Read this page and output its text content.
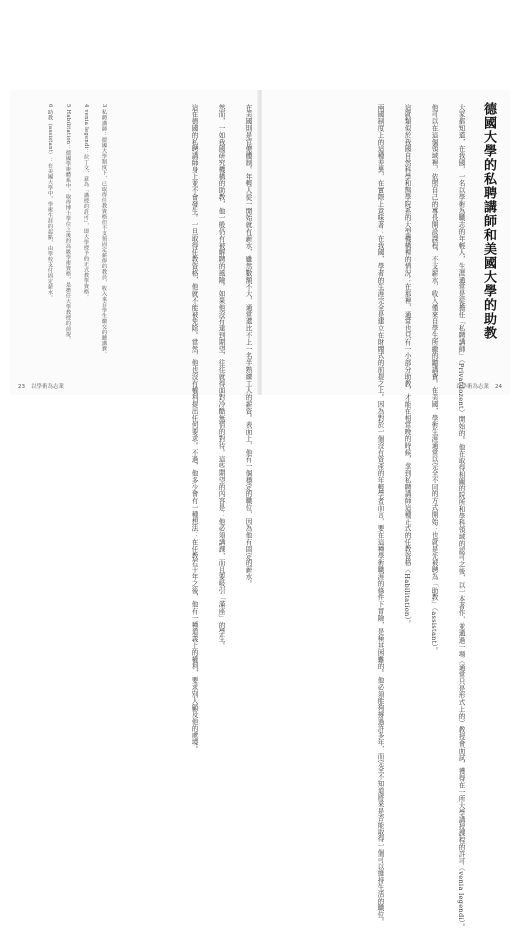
在美國則是官僚體制。年輕人從一開始就有薪水，雖然數額不大，通常還比不上一名半熟練工人的薪資。表面上，他有一個穩定的職位，因為他有固定的薪水。
然而，一如我國研究機構的助教，他一般仍有被解聘的風險。如果他沒有達到期望，往往就得面對冷酷無情的對待。這些期望的內容是：他必須講課，而且要吸引「滿座」的學生。
這在德國的私聘講師身上並不會發生。一旦取得任教資格，他就不能被免除。當然，他也沒有權利提出任何要求。不過，他多少會有一種想法：在任教若干年之後，他有一種道義上的權利，要求別人顧及他的處境。
3 私聘講師：德國大學制度下，已取得任教資格但不支領固定薪俸的教員，收入來自學生繳交的聽講費。
4 venia legendi：拉丁文，意為「講授的許可」，即大學授予的正式教學資格。
5 Habilitation：德國學術體系中，取得博士學位之後的高級學術資格，是擔任大學教授的前提。
6 助教（assistant）：在美國大學中，學術生涯的起點，由學校支付固定薪水。
23 以學術為志業
德國大學的私聘講師和美國大學的助教
大家都知道，在我國，一名以學術為職志的年輕人，生涯通常是從擔任「私聘講師」（Privatdozent）開始的。他在取得相關的院所和學科領域的認可之後，以一本著作，並通過一場（通常只是形式上的）教授會面試，獲得在一所大學講授課程的許可（venia legendi）。
他可以在這個領域裡，依照自己的專長開設課程，不支薪水，收入僅來自學生所繳的聽講費。在美國，學術生涯通常以完全不同的方式開始：也就是先被聘為「助教」（assistant）。
這就類似於我國自然科學和醫學院系的大型機構裡的情況：在那裡，通常也只有一小部分助教，才能在相當晚的時候，拿到私聘講師這種正式的任教資格（Habilitation）。
兩國制度上的這種差異，在實際上意味著：在我國，學者的生涯完全是建立在財閥式的前提之上。因為對於一個沒有資產的年輕學者而言，要在這種學術職涯的條件下冒險，是極其困難的。他必須能夠撐過許多年，而完全不知道將來是否能取得一個可以維持生活的職位。	以學術為志業 24
